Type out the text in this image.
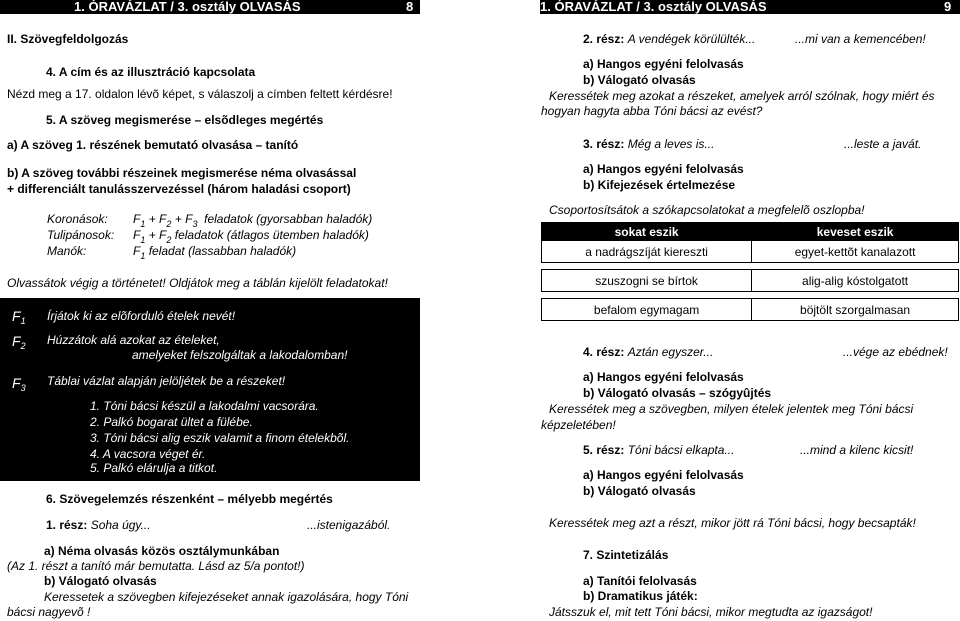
1. ÓRAVÁZLAT / 3. osztály OLVASÁS	8
II. Szövegfeldolgozás
4. A cím és az illusztráció kapcsolata
Nézd meg a 17. oldalon lévõ képet, s válaszolj a címben feltett kérdésre!
5. A szöveg megismerése – elsõdleges megértés
a) A szöveg 1. részének bemutató olvasása – tanító
b) A szöveg további részeinek megismerése néma olvasással
+ differenciált tanulásszervezéssel (három haladási csoport)
Koronások: $F_1 + F_2 + F_3$ feladatok (gyorsabban haladók)
Tulipánosok: $F_1 + F_2$ feladatok (átlagos ütemben haladók)
Manók:	$F_1$ feladat (lassabban haladók)
Olvassátok végig a történetet! Oldjátok meg a táblán kijelölt feladatokat!
$F_1$ Írjátok ki az elõforduló ételek nevét!
$F_2$ Húzzátok alá azokat az ételeket,
amelyeket felszolgáltak a lakodalomban!
$F_3$ Táblai vázlat alapján jelöljétek be a részeket!
1. Tóni bácsi készül a lakodalmi vacsorára.
2. Palkó bogarat ültet a fülébe.
3. Tóni bácsi alig eszik valamit a finom ételekbõl.
4. A vacsora véget ér.
5. Palkó elárulja a titkot.
6. Szövegelemzés részenként – mélyebb megértés
1. rész: Soha úgy...	...istenigazából.
a) Néma olvasás közös osztálymunkában
(Az 1. részt a tanító már bemutatta. Lásd az 5/a pontot!)
b) Válogató olvasás
Keressetek a szövegben kifejezéseket annak igazolására, hogy Tóni
bácsi nagyevõ !
1. ÓRAVÁZLAT / 3. osztály OLVASÁS	9
2. rész: A vendégek körülülték...	...mi van a kemencében!
a) Hangos egyéni felolvasás
b) Válogató olvasás
Keressétek meg azokat a részeket, amelyek arról szólnak, hogy miért és
hogyan hagyta abba Tóni bácsi az evést?
3. rész: Még a leves is...	...leste a javát.
a) Hangos egyéni felolvasás
b) Kifejezések értelmezése
Csoportosítsátok a szókapcsolatokat a megfelelõ oszlopba!
sokat eszik	keveset eszik
a nadrágszíját kiereszti	egyet-kettõt kanalazott

szuszogni se bírtok	alig-alig kóstolgatott

befalom egymagam	böjtölt szorgalmasan
4. rész: Aztán egyszer...	...vége az ebédnek!
a) Hangos egyéni felolvasás
b) Válogató olvasás – szógyûjtés
Keressétek meg a szövegben, milyen ételek jelentek meg Tóni bácsi
képzeletében!
5. rész: Tóni bácsi elkapta...	...mind a kilenc kicsit!
a) Hangos egyéni felolvasás
b) Válogató olvasás
Keressétek meg azt a részt, mikor jött rá Tóni bácsi, hogy becsapták!
7. Szintetizálás
a) Tanítói felolvasás
b) Dramatikus játék:
Játsszuk el, mit tett Tóni bácsi, mikor megtudta az igazságot!
